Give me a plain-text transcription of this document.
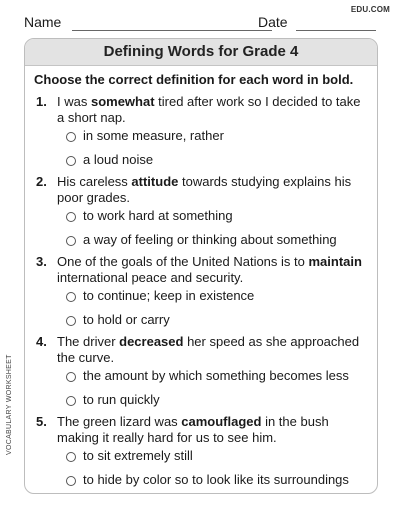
EDU.COM
Name	Date
Defining Words for Grade 4
Choose the correct definition for each word in bold.
1. I was somewhat tired after work so I decided to take a short nap.
in some measure, rather
a loud noise
2. His careless attitude towards studying explains his poor grades.
to work hard at something
a way of feeling or thinking about something
3. One of the goals of the United Nations is to maintain international peace and security.
to continue; keep in existence
to hold or carry
4. The driver decreased her speed as she approached the curve.
the amount by which something becomes less
to run quickly
5. The green lizard was camouflaged in the bush making it really hard for us to see him.
to sit extremely still
to hide by color so to look like its surroundings
VOCABULARY WORKSHEET
